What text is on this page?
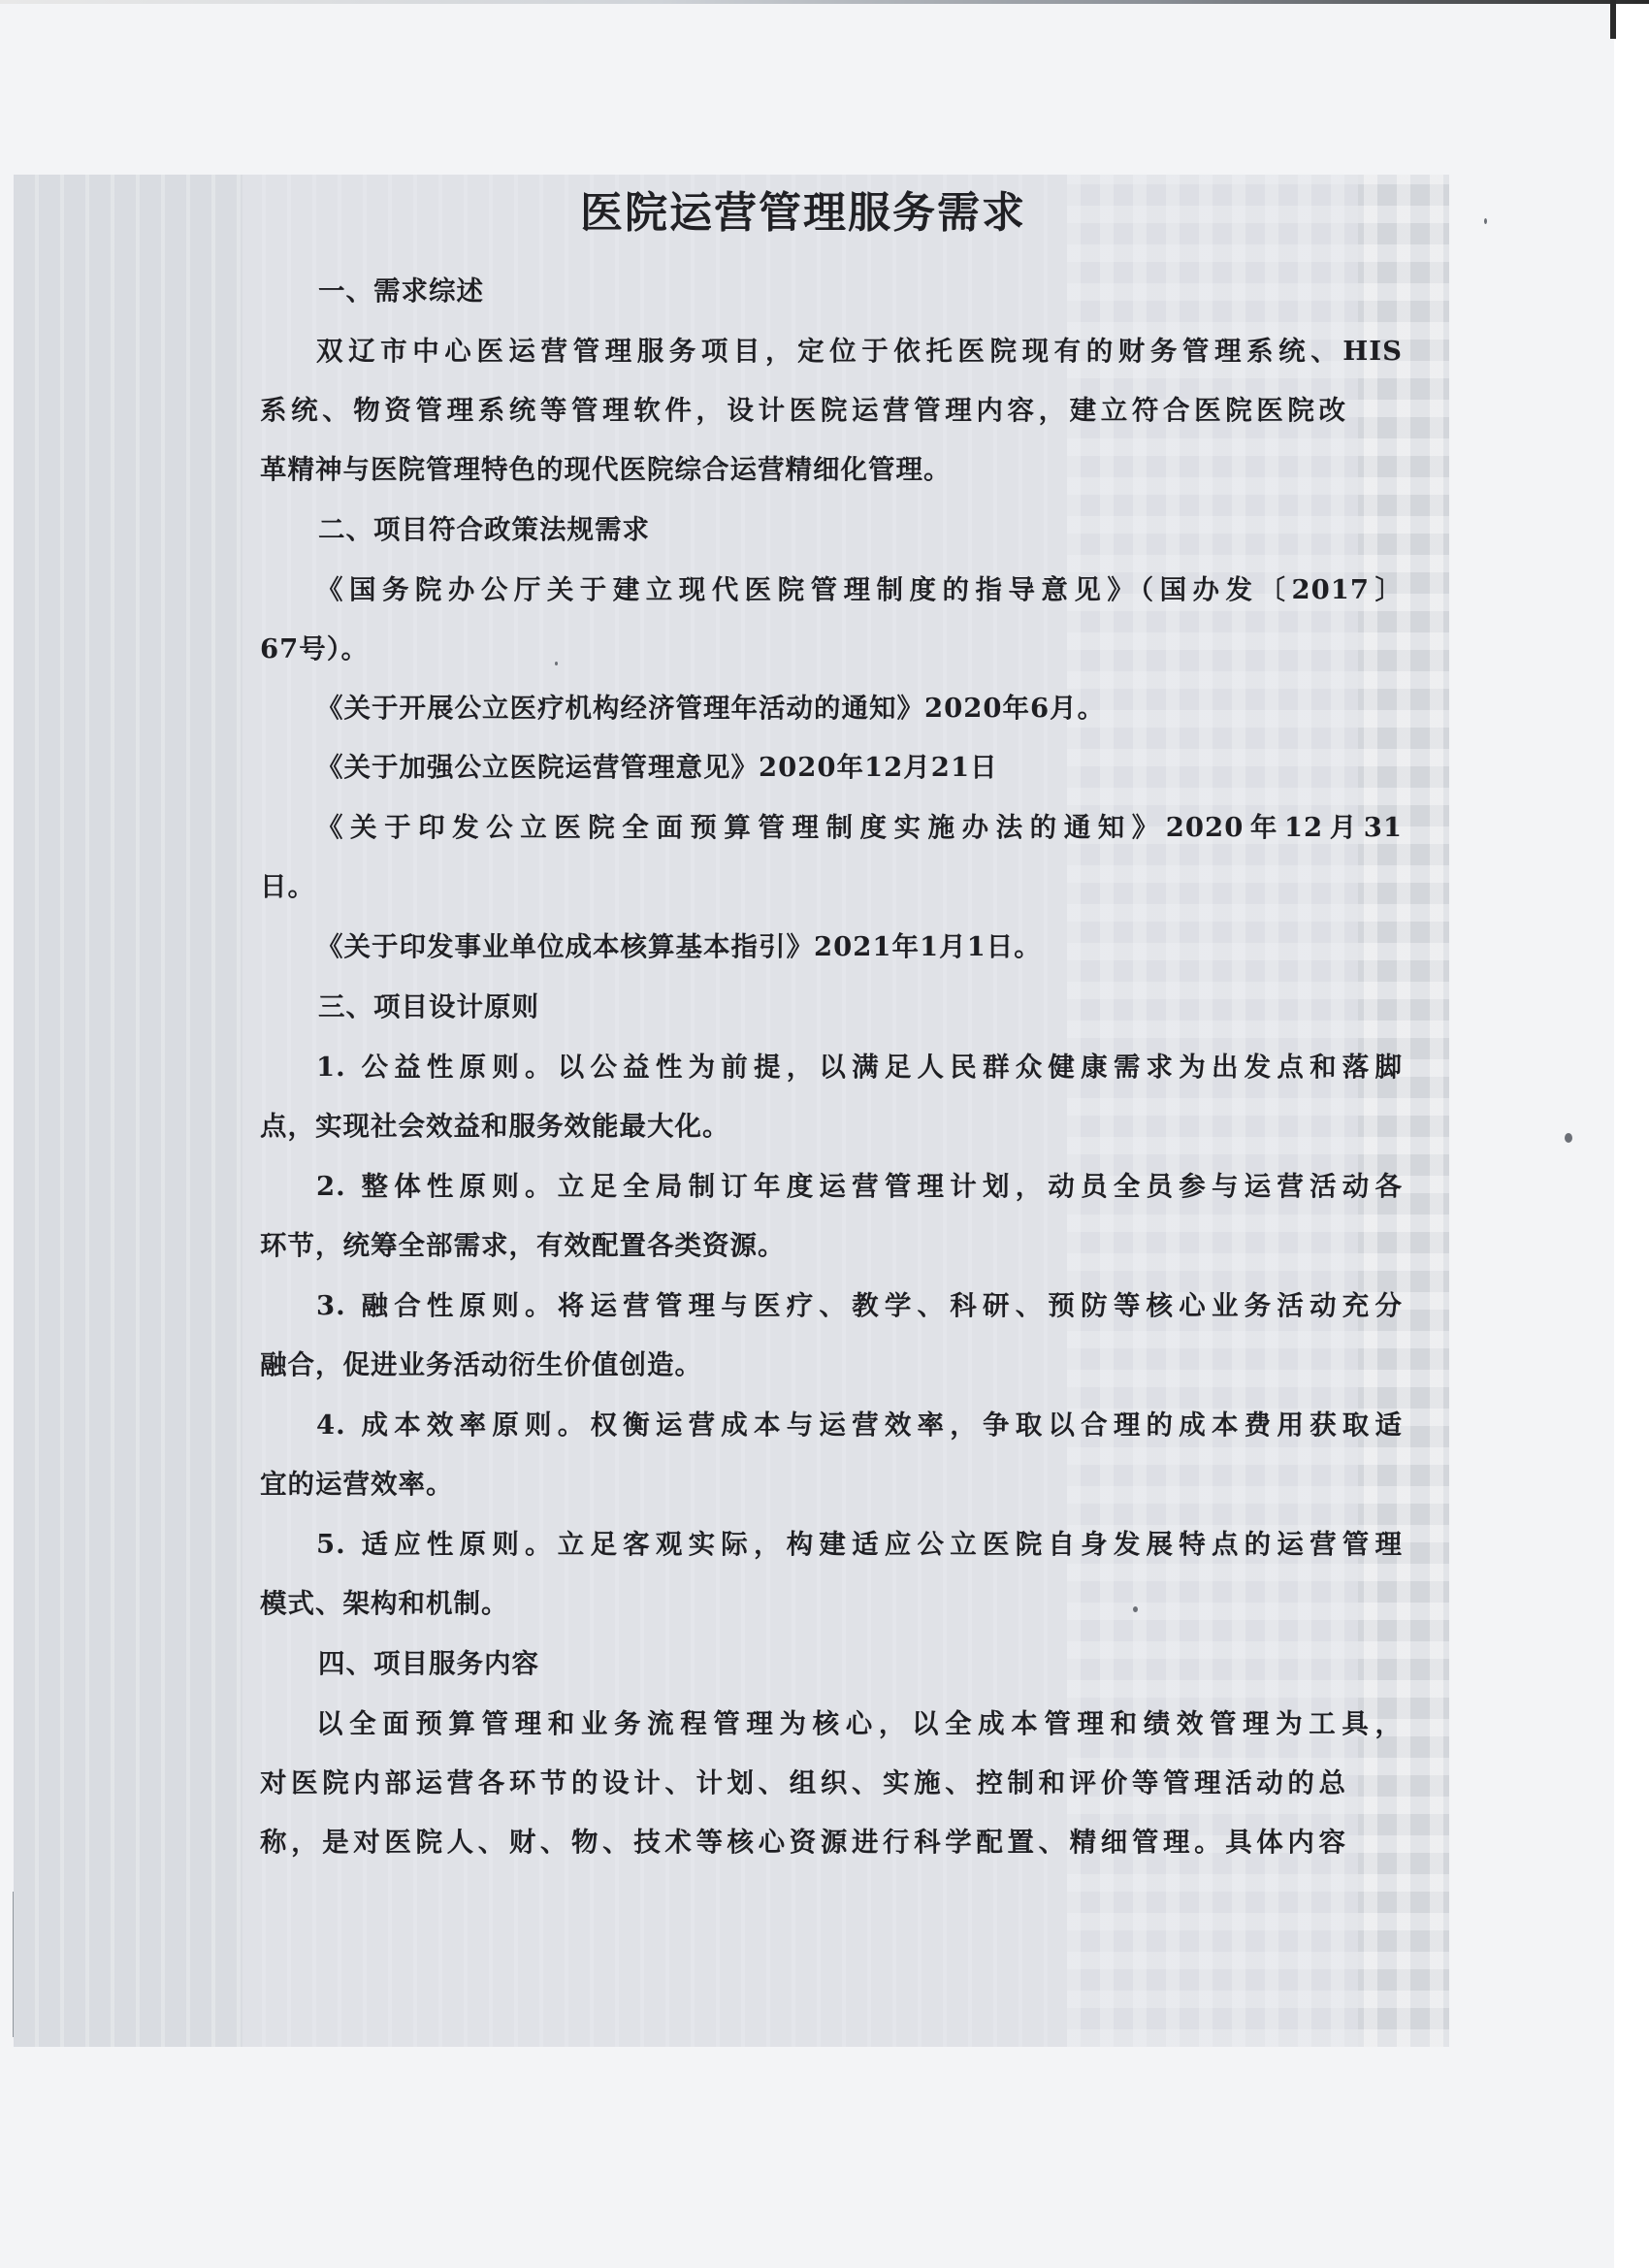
医院运营管理服务需求
一、需求综述
双辽市中心医运营管理服务项目，定位于依托医院现有的财务管理系统、HIS
系统、物资管理系统等管理软件，设计医院运营管理内容，建立符合医院医院改
革精神与医院管理特色的现代医院综合运营精细化管理。
二、项目符合政策法规需求
《国务院办公厅关于建立现代医院管理制度的指导意见》（国办发〔2017〕
67号）。
《关于开展公立医疗机构经济管理年活动的通知》2020年6月。
《关于加强公立医院运营管理意见》2020年12月21日
《关于印发公立医院全面预算管理制度实施办法的通知》2020年12月31
日。
《关于印发事业单位成本核算基本指引》2021年1月1日。
三、项目设计原则
1. 公益性原则。以公益性为前提，以满足人民群众健康需求为出发点和落脚
点，实现社会效益和服务效能最大化。
2. 整体性原则。立足全局制订年度运营管理计划，动员全员参与运营活动各
环节，统筹全部需求，有效配置各类资源。
3. 融合性原则。将运营管理与医疗、教学、科研、预防等核心业务活动充分
融合，促进业务活动衍生价值创造。
4. 成本效率原则。权衡运营成本与运营效率，争取以合理的成本费用获取适
宜的运营效率。
5. 适应性原则。立足客观实际，构建适应公立医院自身发展特点的运营管理
模式、架构和机制。
四、项目服务内容
以全面预算管理和业务流程管理为核心，以全成本管理和绩效管理为工具，
对医院内部运营各环节的设计、计划、组织、实施、控制和评价等管理活动的总
称，是对医院人、财、物、技术等核心资源进行科学配置、精细管理。具体内容
